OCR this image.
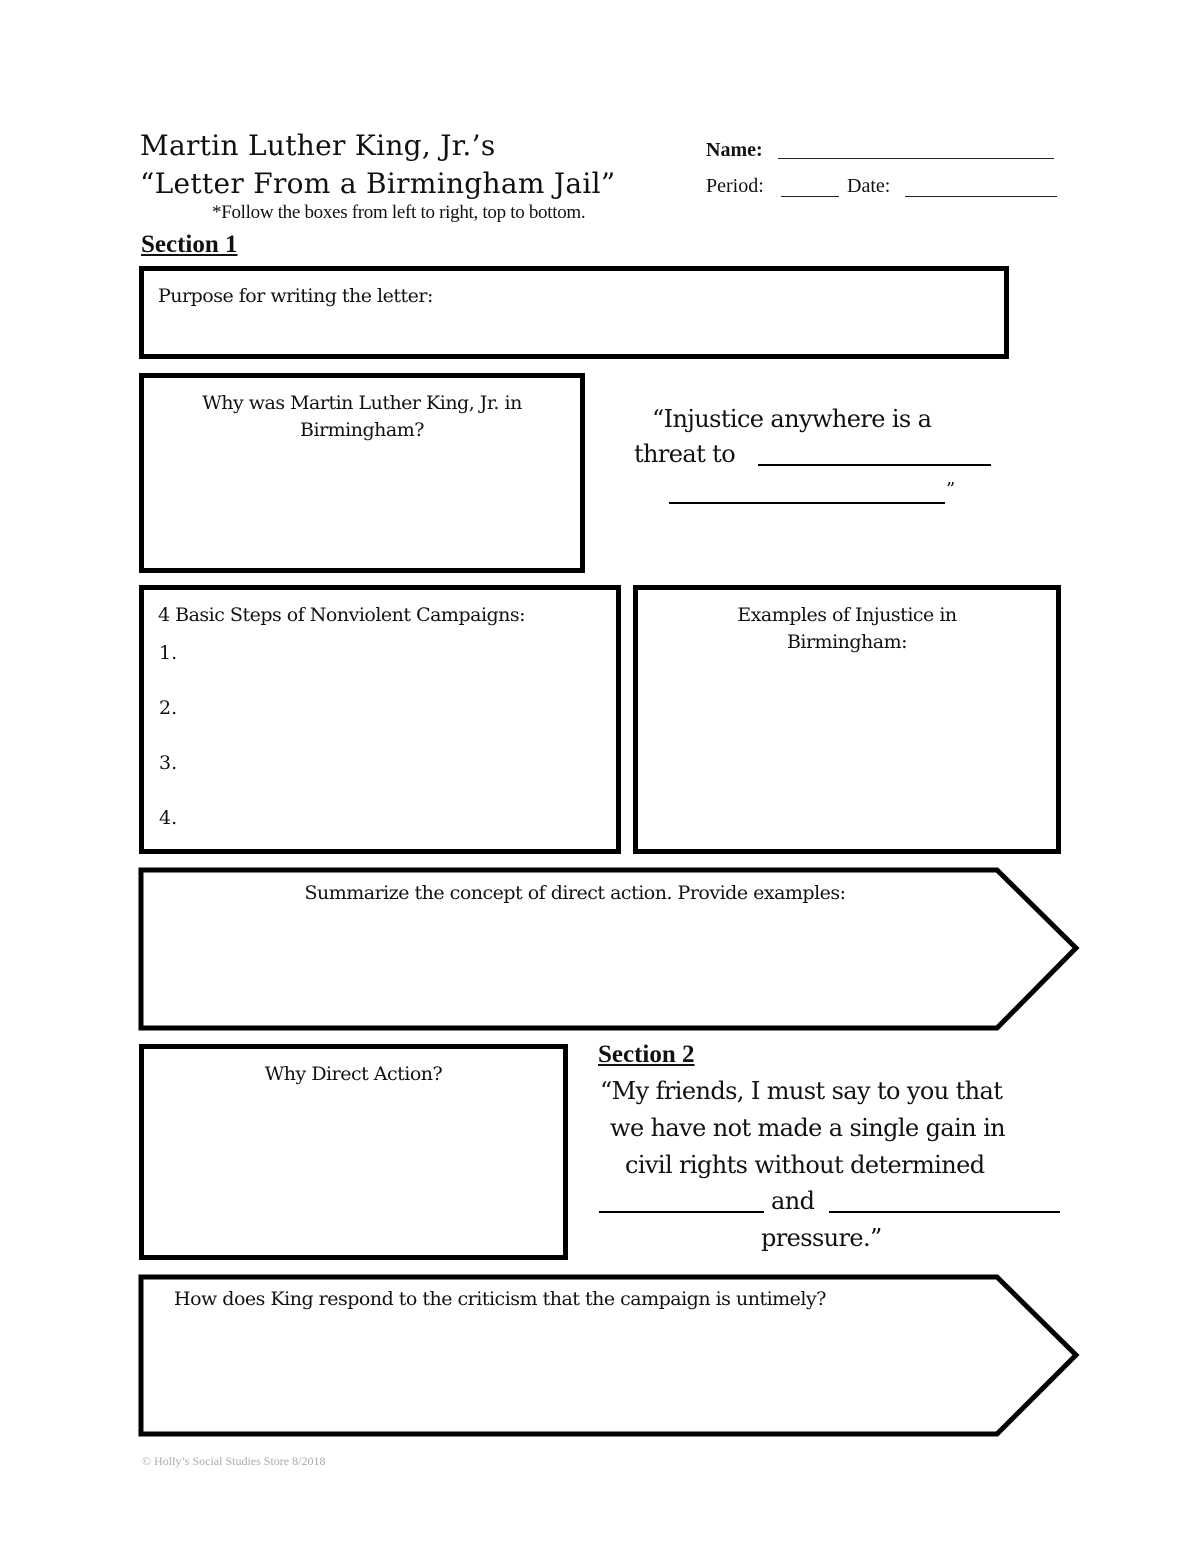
Martin Luther King, Jr.’s
“Letter From a Birmingham Jail”
*Follow the boxes from left to right, top to bottom.
Name:
Period:	Date:
Section 1
Purpose for writing the letter:
Why was Martin Luther King, Jr. in Birmingham?	“Injustice anywhere is a
threat to
”
4 Basic Steps of Nonviolent Campaigns:
1.
2.
3.
4.
Examples of Injustice in Birmingham:
Summarize the concept of direct action. Provide examples:
Why Direct Action?
Section 2
“My friends, I must say to you that
we have not made a single gain in
civil rights without determined
and
pressure.”
How does King respond to the criticism that the campaign is untimely?
© Holly’s Social Studies Store 8/2018
